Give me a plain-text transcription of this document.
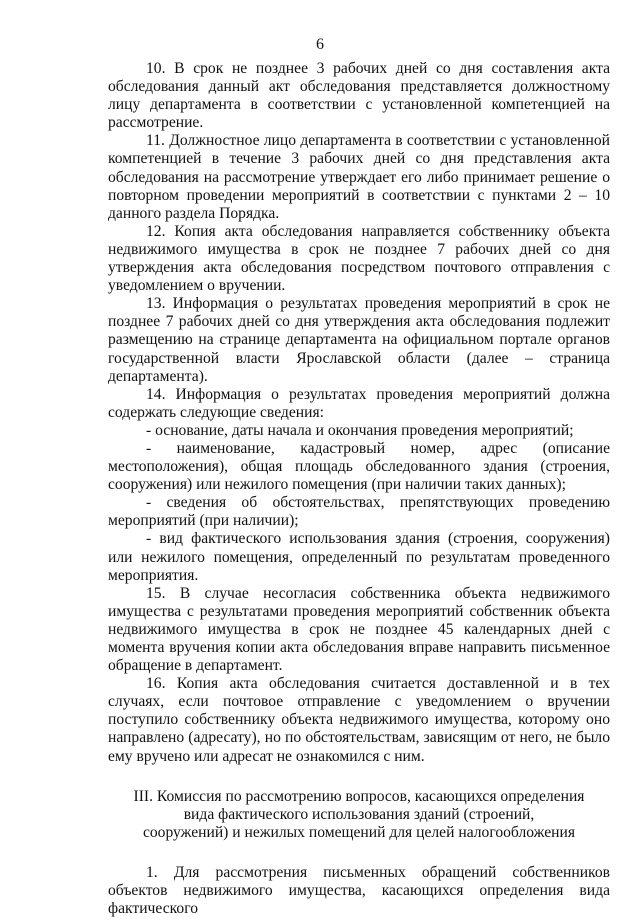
6

10. В срок не позднее 3 рабочих дней со дня составления акта обследования данный акт обследования представляется должностному лицу департамента в соответствии с установленной компетенцией на рассмотрение.

11. Должностное лицо департамента в соответствии с установленной компетенцией в течение 3 рабочих дней со дня представления акта обследования на рассмотрение утверждает его либо принимает решение о повторном проведении мероприятий в соответствии с пунктами 2 – 10 данного раздела Порядка.

12. Копия акта обследования направляется собственнику объекта недвижимого имущества в срок не позднее 7 рабочих дней со дня утверждения акта обследования посредством почтового отправления с уведомлением о вручении.

13. Информация о результатах проведения мероприятий в срок не позднее 7 рабочих дней со дня утверждения акта обследования подлежит размещению на странице департамента на официальном портале органов государственной власти Ярославской области (далее – страница департамента).

14. Информация о результатах проведения мероприятий должна содержать следующие сведения:

- основание, даты начала и окончания проведения мероприятий;

- наименование, кадастровый номер, адрес (описание местоположения), общая площадь обследованного здания (строения, сооружения) или нежилого помещения (при наличии таких данных);

- сведения об обстоятельствах, препятствующих проведению мероприятий (при наличии);

- вид фактического использования здания (строения, сооружения) или нежилого помещения, определенный по результатам проведенного мероприятия.

15. В случае несогласия собственника объекта недвижимого имущества с результатами проведения мероприятий собственник объекта недвижимого имущества в срок не позднее 45 календарных дней с момента вручения копии акта обследования вправе направить письменное обращение в департамент.

16. Копия акта обследования считается доставленной и в тех случаях, если почтовое отправление с уведомлением о вручении поступило собственнику объекта недвижимого имущества, которому оно направлено (адресату), но по обстоятельствам, зависящим от него, не было ему вручено или адресат не ознакомился с ним.

III. Комиссия по рассмотрению вопросов, касающихся определения
вида фактического использования зданий (строений,
сооружений) и нежилых помещений для целей налогообложения

1. Для рассмотрения письменных обращений собственников объектов недвижимого имущества, касающихся определения вида фактического
